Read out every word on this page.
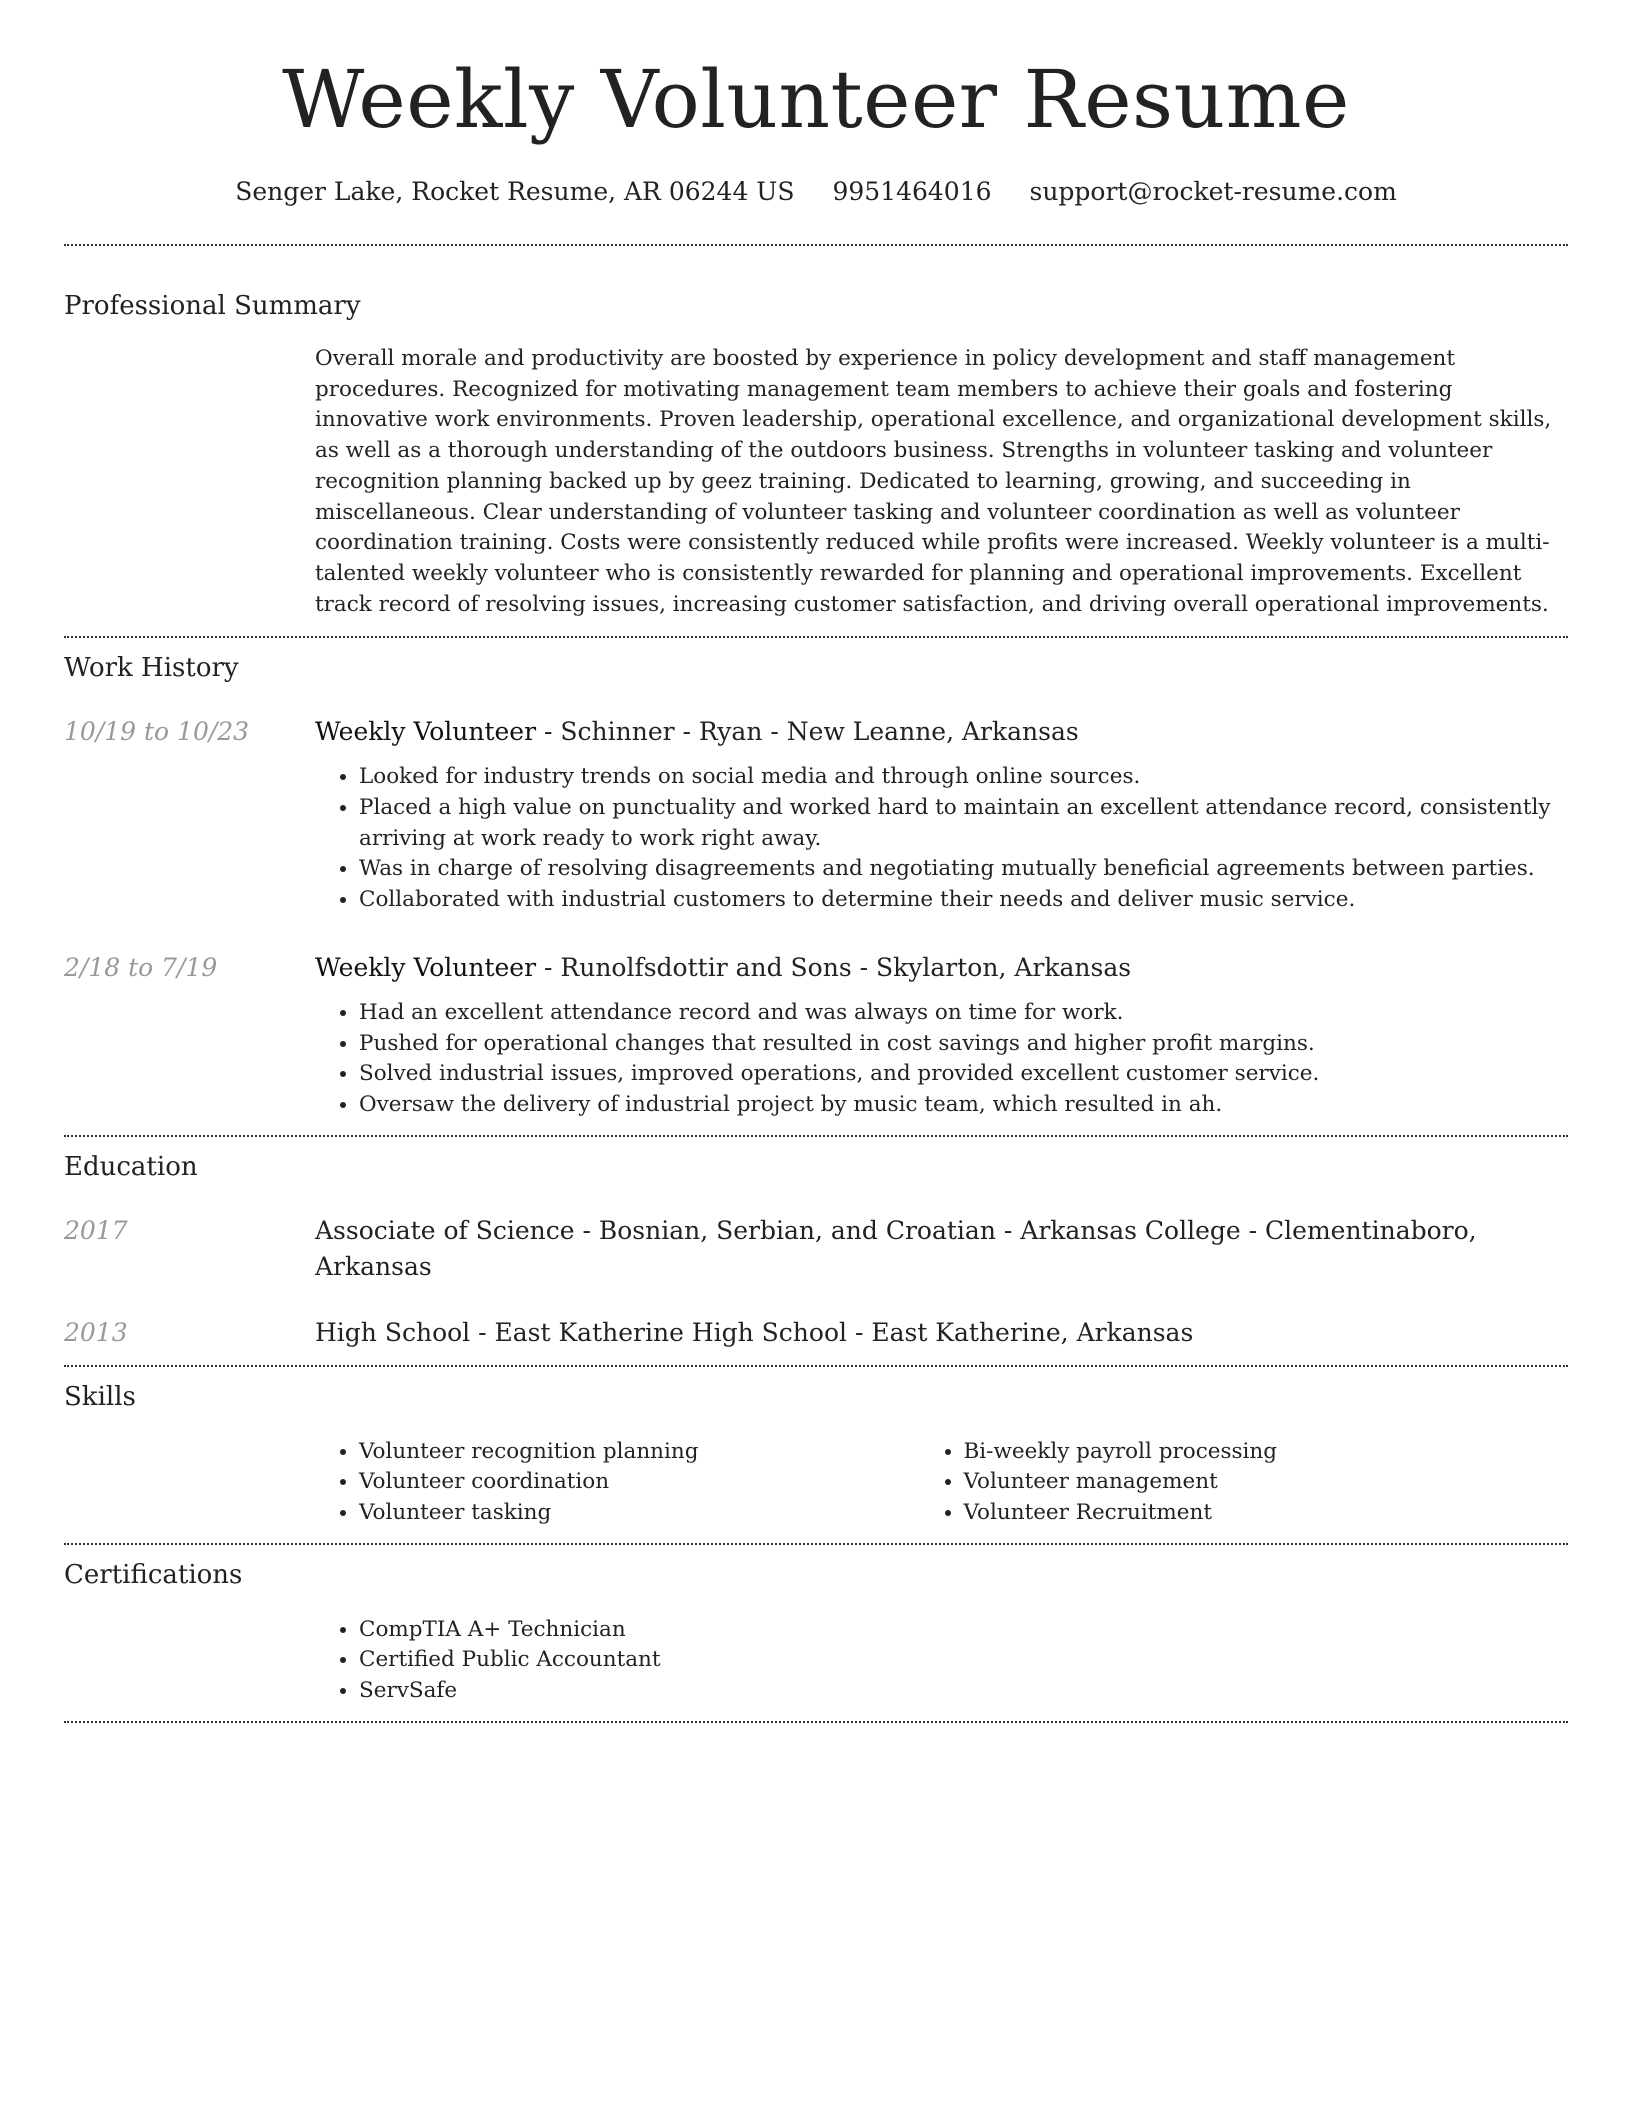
Weekly Volunteer Resume
Senger Lake, Rocket Resume, AR 06244 US 9951464016 support@rocket-resume.com
Professional Summary

Overall morale and productivity are boosted by experience in policy development and staff management procedures. Recognized for motivating management team members to achieve their goals and fostering innovative work environments. Proven leadership, operational excellence, and organizational development skills, as well as a thorough understanding of the outdoors business. Strengths in volunteer tasking and volunteer recognition planning backed up by geez training. Dedicated to learning, growing, and succeeding in miscellaneous. Clear understanding of volunteer tasking and volunteer coordination as well as volunteer coordination training. Costs were consistently reduced while profits were increased. Weekly volunteer is a multi-talented weekly volunteer who is consistently rewarded for planning and operational improvements. Excellent track record of resolving issues, increasing customer satisfaction, and driving overall operational improvements.

Work History
10/19 to 10/23	Weekly Volunteer - Schinner - Ryan - New Leanne, Arkansas
• Looked for industry trends on social media and through online sources.
• Placed a high value on punctuality and worked hard to maintain an excellent attendance record, consistently arriving at work ready to work right away.
• Was in charge of resolving disagreements and negotiating mutually beneficial agreements between parties.
• Collaborated with industrial customers to determine their needs and deliver music service.
2/18 to 7/19	Weekly Volunteer - Runolfsdottir and Sons - Skylarton, Arkansas
• Had an excellent attendance record and was always on time for work.
• Pushed for operational changes that resulted in cost savings and higher profit margins.
• Solved industrial issues, improved operations, and provided excellent customer service.
• Oversaw the delivery of industrial project by music team, which resulted in ah.
Education
2017	Associate of Science - Bosnian, Serbian, and Croatian - Arkansas College - Clementinaboro, Arkansas
2013	High School - East Katherine High School - East Katherine, Arkansas
Skills
• Volunteer recognition planning
• Volunteer coordination
• Volunteer tasking
• Bi-weekly payroll processing
• Volunteer management
• Volunteer Recruitment
Certifications
• CompTIA A+ Technician
• Certified Public Accountant
• ServSafe
